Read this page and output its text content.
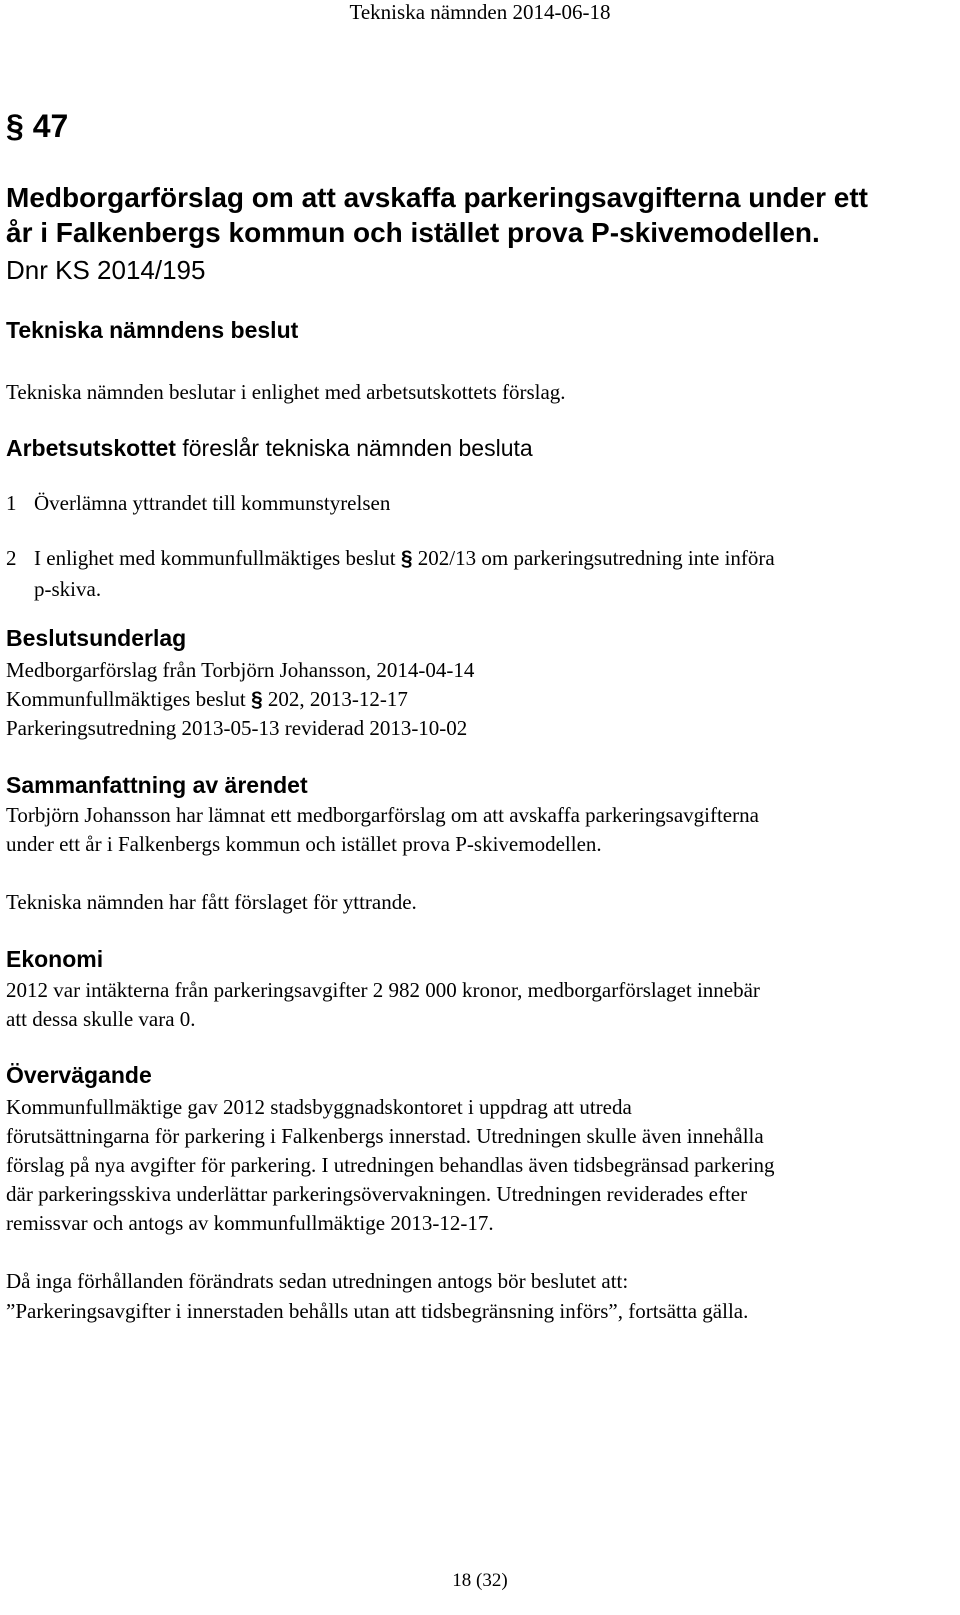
Tekniska nämnden 2014-06-18
§ 47
Medborgarförslag om att avskaffa parkeringsavgifterna under ett
år i Falkenbergs kommun och istället prova P-skivemodellen.
Dnr KS 2014/195
Tekniska nämndens beslut
Tekniska nämnden beslutar i enlighet med arbetsutskottets förslag.
Arbetsutskottet föreslår tekniska nämnden besluta
1 Överlämna yttrandet till kommunstyrelsen
2 I enlighet med kommunfullmäktiges beslut § 202/13 om parkeringsutredning inte införa
p-skiva.
Beslutsunderlag
Medborgarförslag från Torbjörn Johansson, 2014-04-14
Kommunfullmäktiges beslut § 202, 2013-12-17
Parkeringsutredning 2013-05-13 reviderad 2013-10-02
Sammanfattning av ärendet
Torbjörn Johansson har lämnat ett medborgarförslag om att avskaffa parkeringsavgifterna
under ett år i Falkenbergs kommun och istället prova P-skivemodellen.
Tekniska nämnden har fått förslaget för yttrande.
Ekonomi
2012 var intäkterna från parkeringsavgifter 2 982 000 kronor, medborgarförslaget innebär
att dessa skulle vara 0.
Övervägande
Kommunfullmäktige gav 2012 stadsbyggnadskontoret i uppdrag att utreda
förutsättningarna för parkering i Falkenbergs innerstad. Utredningen skulle även innehålla
förslag på nya avgifter för parkering. I utredningen behandlas även tidsbegränsad parkering
där parkeringsskiva underlättar parkeringsövervakningen. Utredningen reviderades efter
remissvar och antogs av kommunfullmäktige 2013-12-17.
Då inga förhållanden förändrats sedan utredningen antogs bör beslutet att:
”Parkeringsavgifter i innerstaden behålls utan att tidsbegränsning införs”, fortsätta gälla.
18 (32)
